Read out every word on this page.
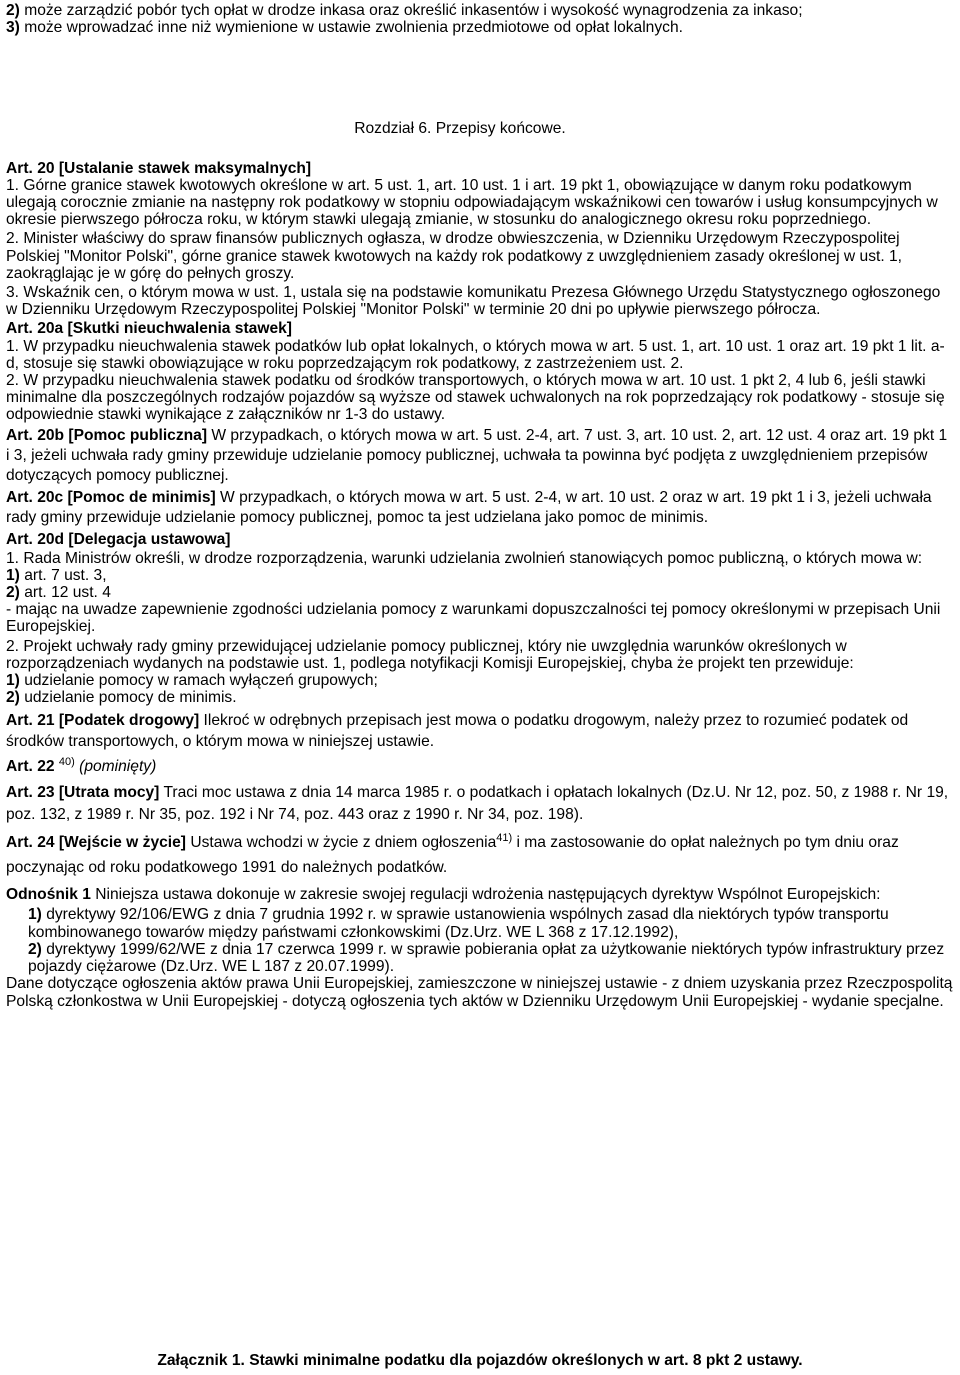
2) może zarządzić pobór tych opłat w drodze inkasa oraz określić inkasentów i wysokość wynagrodzenia za inkaso;

3) może wprowadzać inne niż wymienione w ustawie zwolnienia przedmiotowe od opłat lokalnych.

Rozdział 6. Przepisy końcowe.

Art. 20 [Ustalanie stawek maksymalnych]

1. Górne granice stawek kwotowych określone w art. 5 ust. 1, art. 10 ust. 1 i art. 19 pkt 1, obowiązujące w danym roku podatkowym ulegają corocznie zmianie na następny rok podatkowy w stopniu odpowiadającym wskaźnikowi cen towarów i usług konsumpcyjnych w okresie pierwszego półrocza roku, w którym stawki ulegają zmianie, w stosunku do analogicznego okresu roku poprzedniego.

2. Minister właściwy do spraw finansów publicznych ogłasza, w drodze obwieszczenia, w Dzienniku Urzędowym Rzeczypospolitej Polskiej "Monitor Polski", górne granice stawek kwotowych na każdy rok podatkowy z uwzględnieniem zasady określonej w ust. 1, zaokrąglając je w górę do pełnych groszy.

3. Wskaźnik cen, o którym mowa w ust. 1, ustala się na podstawie komunikatu Prezesa Głównego Urzędu Statystycznego ogłoszonego w Dzienniku Urzędowym Rzeczypospolitej Polskiej "Monitor Polski" w terminie 20 dni po upływie pierwszego półrocza.

Art. 20a [Skutki nieuchwalenia stawek]

1. W przypadku nieuchwalenia stawek podatków lub opłat lokalnych, o których mowa w art. 5 ust. 1, art. 10 ust. 1 oraz art. 19 pkt 1 lit. a-d, stosuje się stawki obowiązujące w roku poprzedzającym rok podatkowy, z zastrzeżeniem ust. 2.

2. W przypadku nieuchwalenia stawek podatku od środków transportowych, o których mowa w art. 10 ust. 1 pkt 2, 4 lub 6, jeśli stawki minimalne dla poszczególnych rodzajów pojazdów są wyższe od stawek uchwalonych na rok poprzedzający rok podatkowy - stosuje się odpowiednie stawki wynikające z załączników nr 1-3 do ustawy.

Art. 20b [Pomoc publiczna] W przypadkach, o których mowa w art. 5 ust. 2-4, art. 7 ust. 3, art. 10 ust. 2, art. 12 ust. 4 oraz art. 19 pkt 1 i 3, jeżeli uchwała rady gminy przewiduje udzielanie pomocy publicznej, uchwała ta powinna być podjęta z uwzględnieniem przepisów dotyczących pomocy publicznej.

Art. 20c [Pomoc de minimis] W przypadkach, o których mowa w art. 5 ust. 2-4, w art. 10 ust. 2 oraz w art. 19 pkt 1 i 3, jeżeli uchwała rady gminy przewiduje udzielanie pomocy publicznej, pomoc ta jest udzielana jako pomoc de minimis.

Art. 20d [Delegacja ustawowa]

1. Rada Ministrów określi, w drodze rozporządzenia, warunki udzielania zwolnień stanowiących pomoc publiczną, o których mowa w:

1) art. 7 ust. 3,

2) art. 12 ust. 4

- mając na uwadze zapewnienie zgodności udzielania pomocy z warunkami dopuszczalności tej pomocy określonymi w przepisach Unii Europejskiej.

2. Projekt uchwały rady gminy przewidującej udzielanie pomocy publicznej, który nie uwzględnia warunków określonych w rozporządzeniach wydanych na podstawie ust. 1, podlega notyfikacji Komisji Europejskiej, chyba że projekt ten przewiduje:

1) udzielanie pomocy w ramach wyłączeń grupowych;

2) udzielanie pomocy de minimis.

Art. 21 [Podatek drogowy] Ilekroć w odrębnych przepisach jest mowa o podatku drogowym, należy przez to rozumieć podatek od środków transportowych, o którym mowa w niniejszej ustawie.

Art. 22 $^{40)}$ (pominięty)

Art. 23 [Utrata mocy] Traci moc ustawa z dnia 14 marca 1985 r. o podatkach i opłatach lokalnych (Dz.U. Nr 12, poz. 50, z 1988 r. Nr 19, poz. 132, z 1989 r. Nr 35, poz. 192 i Nr 74, poz. 443 oraz z 1990 r. Nr 34, poz. 198).

Art. 24 [Wejście w życie] Ustawa wchodzi w życie z dniem ogłoszenia$^{41)}$ i ma zastosowanie do opłat należnych po tym dniu oraz poczynając od roku podatkowego 1991 do należnych podatków.

Odnośnik 1 Niniejsza ustawa dokonuje w zakresie swojej regulacji wdrożenia następujących dyrektyw Wspólnot Europejskich:

1) dyrektywy 92/106/EWG z dnia 7 grudnia 1992 r. w sprawie ustanowienia wspólnych zasad dla niektórych typów transportu kombinowanego towarów między państwami członkowskimi (Dz.Urz. WE L 368 z 17.12.1992),

2) dyrektywy 1999/62/WE z dnia 17 czerwca 1999 r. w sprawie pobierania opłat za użytkowanie niektórych typów infrastruktury przez pojazdy ciężarowe (Dz.Urz. WE L 187 z 20.07.1999).

Dane dotyczące ogłoszenia aktów prawa Unii Europejskiej, zamieszczone w niniejszej ustawie - z dniem uzyskania przez Rzeczpospolitą Polską członkostwa w Unii Europejskiej - dotyczą ogłoszenia tych aktów w Dzienniku Urzędowym Unii Europejskiej - wydanie specjalne.

Załącznik 1. Stawki minimalne podatku dla pojazdów określonych w art. 8 pkt 2 ustawy.
